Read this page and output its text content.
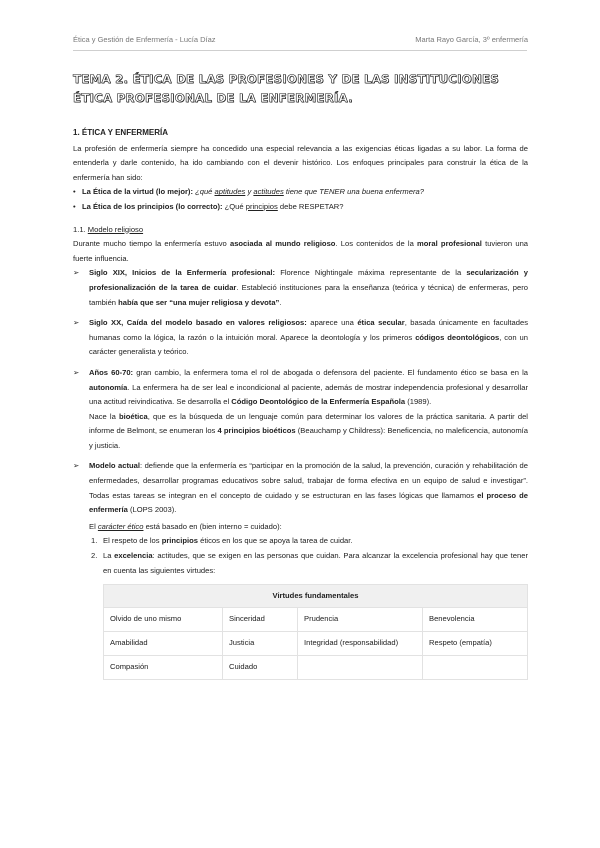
Ética y Gestión de Enfermería - Lucía Díaz	Marta Rayo García, 3º enfermería
TEMA 2. ÉTICA DE LAS PROFESIONES Y DE LAS INSTITUCIONES
ÉTICA PROFESIONAL DE LA ENFERMERÍA.
1. ÉTICA Y ENFERMERÍA

La profesión de enfermería siempre ha concedido una especial relevancia a las exigencias éticas ligadas a su labor. La forma de entenderla y darle contenido, ha ido cambiando con el devenir histórico. Los enfoques principales para construir la ética de la enfermería han sido:

• La Ética de la virtud (lo mejor): ¿qué aptitudes y actitudes tiene que TENER una buena enfermera?
• La Ética de los principios (lo correcto): ¿Qué principios debe RESPETAR?
1.1. Modelo religioso

Durante mucho tiempo la enfermería estuvo asociada al mundo religioso. Los contenidos de la moral profesional tuvieron una fuerte influencia.

➢ Siglo XIX, Inicios de la Enfermería profesional: Florence Nightingale máxima representante de la secularización y profesionalización de la tarea de cuidar. Estableció instituciones para la enseñanza (teórica y técnica) de enfermeras, pero también había que ser “una mujer religiosa y devota”.
➢ Siglo XX, Caída del modelo basado en valores religiosos: aparece una ética secular, basada únicamente en facultades humanas como la lógica, la razón o la intuición moral. Aparece la deontología y los primeros códigos deontológicos, con un carácter generalista y teórico.
➢ Años 60-70: gran cambio, la enfermera toma el rol de abogada o defensora del paciente. El fundamento ético se basa en la autonomía. La enfermera ha de ser leal e incondicional al paciente, además de mostrar independencia profesional y desarrollar una actitud reivindicativa. Se desarrolla el Código Deontológico de la Enfermería Española (1989).
Nace la bioética, que es la búsqueda de un lenguaje común para determinar los valores de la práctica sanitaria. A partir del informe de Belmont, se enumeran los 4 principios bioéticos (Beauchamp y Childress): Beneficencia, no maleficencia, autonomía y justicia.
➢ Modelo actual: defiende que la enfermería es “participar en la promoción de la salud, la prevención, curación y rehabilitación de enfermedades, desarrollar programas educativos sobre salud, trabajar de forma efectiva en un equipo de salud e investigar”. Todas estas tareas se integran en el concepto de cuidado y se estructuran en las fases lógicas que llamamos el proceso de enfermería (LOPS 2003).
El carácter ético está basado en (bien interno = cuidado):
1. El respeto de los principios éticos en los que se apoya la tarea de cuidar.
2. La excelencia: actitudes, que se exigen en las personas que cuidan. Para alcanzar la excelencia profesional hay que tener en cuenta las siguientes virtudes:
Virtudes fundamentales			
Olvido de uno mismo	Sinceridad	Prudencia	Benevolencia
Amabilidad	Justicia	Integridad (responsabilidad)	Respeto (empatía)
Compasión	Cuidado		
